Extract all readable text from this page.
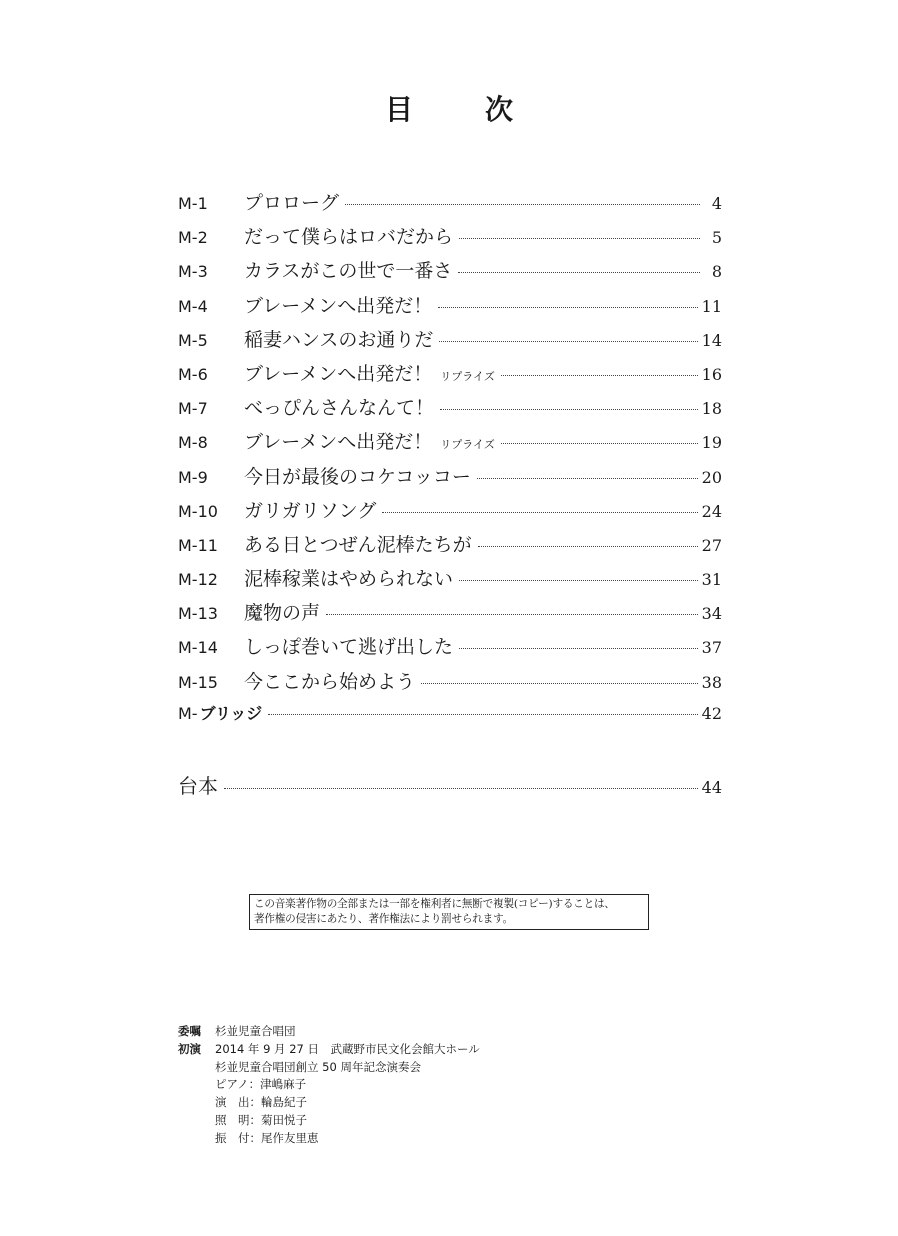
目　次
M-1	プロローグ	4
M-2	だって僕らはロバだから	5
M-3	カラスがこの世で一番さ	8
M-4	ブレーメンへ出発だ！	11
M-5	稲妻ハンスのお通りだ	14
M-6	ブレーメンへ出発だ！ リプライズ	16
M-7	べっぴんさんなんて！	18
M-8	ブレーメンへ出発だ！ リプライズ	19
M-9	今日が最後のコケコッコー	20
M-10	ガリガリソング	24
M-11	ある日とつぜん泥棒たちが	27
M-12	泥棒稼業はやめられない	31
M-13	魔物の声	34
M-14	しっぽ巻いて逃げ出した	37
M-15	今ここから始めよう	38
M- ブリッジ	42
台本	44
この音楽著作物の全部または一部を権利者に無断で複製(コピー)することは、
著作権の侵害にあたり、著作権法により罰せられます。
委嘱 杉並児童合唱団
初演 2014 年 9 月 27 日　武蔵野市民文化会館大ホール
杉並児童合唱団創立 50 周年記念演奏会
ピアノ：津嶋麻子
演　出：輪島紀子
照　明：菊田悦子
振　付：尾作友里恵
